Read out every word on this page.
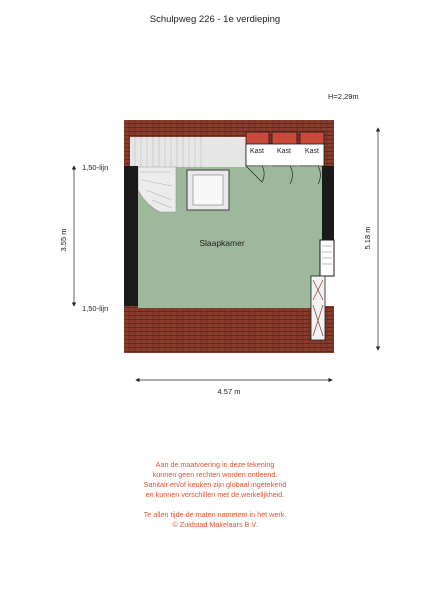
Schulpweg 226 - 1e verdieping
H=2,29m
Kast Kast Kast
Slaapkamer
1,50-lijn
1,50-lijn
3.55 m	5.18 m
4.57 m
Aan de maatvoering in deze tekening
kunnen geen rechten worden ontleend.
Sanitair en/of keuken zijn globaal ingetekend
en kunnen verschillen met de werkelijkheid.
Te allen tijde de maten nametem in het werk.
© Zuidstad Makelaars B.V.
